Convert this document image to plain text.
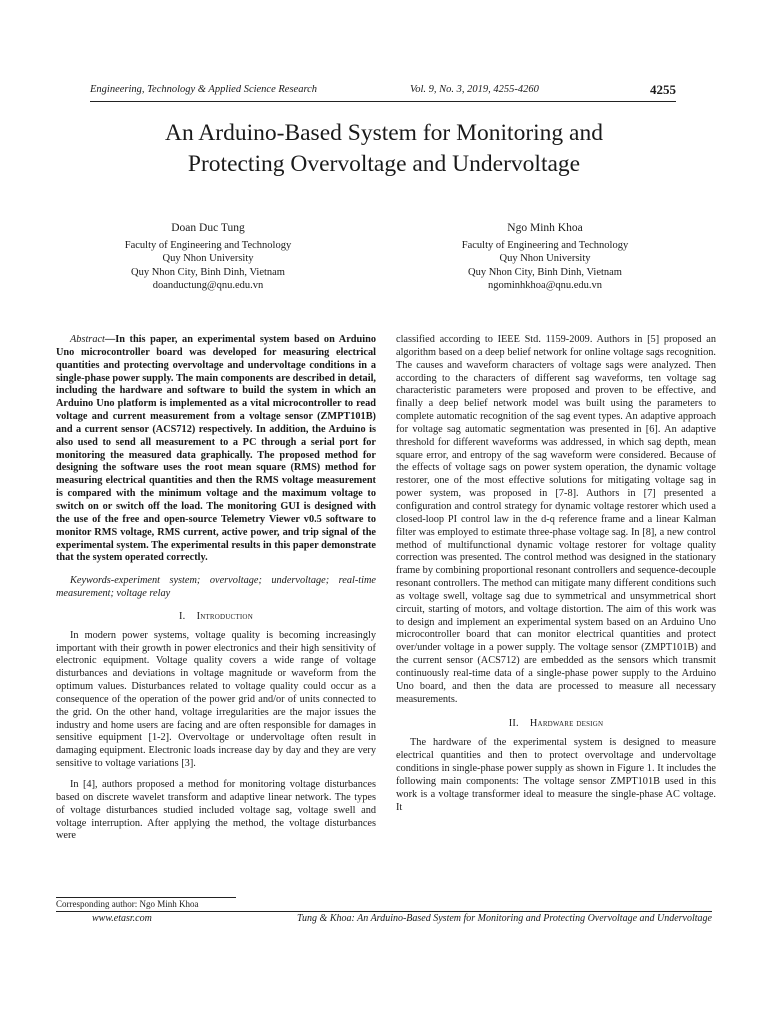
Engineering, Technology & Applied Science Research	Vol. 9, No. 3, 2019, 4255-4260	4255
An Arduino-Based System for Monitoring and
Protecting Overvoltage and Undervoltage
Doan Duc Tung
Faculty of Engineering and Technology
Quy Nhon University
Quy Nhon City, Binh Dinh, Vietnam
doanductung@qnu.edu.vn
Ngo Minh Khoa
Faculty of Engineering and Technology
Quy Nhon University
Quy Nhon City, Binh Dinh, Vietnam
ngominhkhoa@qnu.edu.vn

Abstract—In this paper, an experimental system based on Arduino Uno microcontroller board was developed for measuring electrical quantities and protecting overvoltage and undervoltage conditions in a single-phase power supply. The main components are described in detail, including the hardware and software to build the system in which an Arduino Uno platform is implemented as a vital microcontroller to read voltage and current measurement from a voltage sensor (ZMPT101B) and a current sensor (ACS712) respectively. In addition, the Arduino is also used to send all measurement to a PC through a serial port for monitoring the measured data graphically. The proposed method for designing the software uses the root mean square (RMS) method for measuring electrical quantities and then the RMS voltage measurement is compared with the minimum voltage and the maximum voltage to switch on or switch off the load. The monitoring GUI is designed with the use of the free and open-source Telemetry Viewer v0.5 software to monitor RMS voltage, RMS current, active power, and trip signal of the experimental system. The experimental results in this paper demonstrate that the system operated correctly.

Keywords-experiment system; overvoltage; undervoltage; real-time measurement; voltage relay

I. Introduction

In modern power systems, voltage quality is becoming increasingly important with their growth in power electronics and their high sensitivity of electronic equipment. Voltage quality covers a wide range of voltage disturbances and deviations in voltage magnitude or waveform from the optimum values. Disturbances related to voltage quality could occur as a consequence of the operation of the power grid and/or of units connected to the grid. On the other hand, voltage irregularities are the major issues the industry and home users are facing and are often responsible for damages in sensitive equipment [1-2]. Overvoltage or undervoltage often result in damaging equipment. Electronic loads increase day by day and they are very sensitive to voltage variations [3].

In [4], authors proposed a method for monitoring voltage disturbances based on discrete wavelet transform and adaptive linear network. The types of voltage disturbances studied included voltage sag, voltage swell and voltage interruption. After applying the method, the voltage disturbances were

classified according to IEEE Std. 1159-2009. Authors in [5] proposed an algorithm based on a deep belief network for online voltage sags recognition. The causes and waveform characters of voltage sags were analyzed. Then according to the characters of different sag waveforms, ten voltage sag characteristic parameters were proposed and proven to be effective, and finally a deep belief network model was built using the parameters to complete automatic recognition of the sag event types. An adaptive approach for voltage sag automatic segmentation was presented in [6]. An adaptive threshold for different waveforms was addressed, in which sag depth, mean square error, and entropy of the sag waveform were considered. Because of the effects of voltage sags on power system operation, the dynamic voltage restorer, one of the most effective solutions for mitigating voltage sag in power system, was proposed in [7-8]. Authors in [7] presented a configuration and control strategy for dynamic voltage restorer which used a closed-loop PI control law in the d-q reference frame and a linear Kalman filter was employed to estimate three-phase voltage sag. In [8], a new control method of multifunctional dynamic voltage restorer for voltage quality correction was presented. The control method was designed in the stationary frame by combining proportional resonant controllers and sequence-decouple resonant controllers. The method can mitigate many different conditions such as voltage swell, voltage sag due to symmetrical and unsymmetrical short circuit, starting of motors, and voltage distortion. The aim of this work was to design and implement an experimental system based on an Arduino Uno microcontroller board that can monitor electrical quantities and protect over/under voltage in a power supply. The voltage sensor (ZMPT101B) and the current sensor (ACS712) are embedded as the sensors which transmit continuously real-time data of a single-phase power supply to the Arduino Uno board, and then the data are processed to measure all necessary measurements.

II. Hardware design

The hardware of the experimental system is designed to measure electrical quantities and then to protect overvoltage and undervoltage conditions in single-phase power supply as shown in Figure 1. It includes the following main components: The voltage sensor ZMPT101B used in this work is a voltage transformer ideal to measure the single-phase AC voltage. It

Corresponding author: Ngo Minh Khoa
www.etasr.com	Tung & Khoa: An Arduino-Based System for Monitoring and Protecting Overvoltage and Undervoltage
